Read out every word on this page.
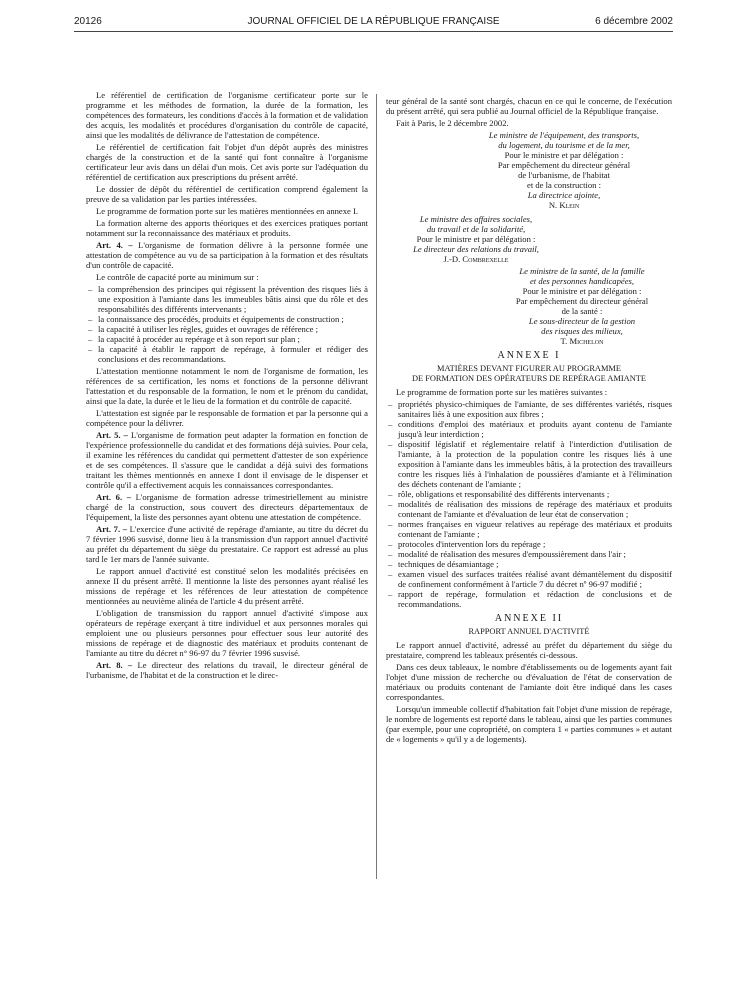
20126	JOURNAL OFFICIEL DE LA RÉPUBLIQUE FRANÇAISE	6 décembre 2002

Le référentiel de certification de l'organisme certificateur porte sur le programme et les méthodes de formation, la durée de la formation, les compétences des formateurs, les conditions d'accès à la formation et de validation des acquis, les modalités et procédures d'organisation du contrôle de capacité, ainsi que les modalités de délivrance de l'attestation de compétence.

Le référentiel de certification fait l'objet d'un dépôt auprès des ministres chargés de la construction et de la santé qui font connaître à l'organisme certificateur leur avis dans un délai d'un mois. Cet avis porte sur l'adéquation du référentiel de certification aux prescriptions du présent arrêté.

Le dossier de dépôt du référentiel de certification comprend également la preuve de sa validation par les parties intéressées.

Le programme de formation porte sur les matières mentionnées en annexe I.

La formation alterne des apports théoriques et des exercices pratiques portant notamment sur la reconnaissance des matériaux et produits.

Art. 4. – L'organisme de formation délivre à la personne formée une attestation de compétence au vu de sa participation à la formation et des résultats d'un contrôle de capacité.

Le contrôle de capacité porte au minimum sur :

– la compréhension des principes qui régissent la prévention des risques liés à une exposition à l'amiante dans les immeubles bâtis ainsi que du rôle et des responsabilités des différents intervenants ;
– la connaissance des procédés, produits et équipements de construction ;
– la capacité à utiliser les règles, guides et ouvrages de référence ;
– la capacité à procéder au repérage et à son report sur plan ;
– la capacité à établir le rapport de repérage, à formuler et rédiger des conclusions et des recommandations.

L'attestation mentionne notamment le nom de l'organisme de formation, les références de sa certification, les noms et fonctions de la personne délivrant l'attestation et du responsable de la formation, le nom et le prénom du candidat, ainsi que la date, la durée et le lieu de la formation et du contrôle de capacité.

L'attestation est signée par le responsable de formation et par la personne qui a compétence pour la délivrer.

Art. 5. – L'organisme de formation peut adapter la formation en fonction de l'expérience professionnelle du candidat et des formations déjà suivies. Pour cela, il examine les références du candidat qui permettent d'attester de son expérience et de ses compétences. Il s'assure que le candidat a déjà suivi des formations traitant les thèmes mentionnés en annexe I dont il envisage de le dispenser et contrôle qu'il a effectivement acquis les connaissances correspondantes.

Art. 6. – L'organisme de formation adresse trimestriellement au ministre chargé de la construction, sous couvert des directeurs départementaux de l'équipement, la liste des personnes ayant obtenu une attestation de compétence.

Art. 7. – L'exercice d'une activité de repérage d'amiante, au titre du décret du 7 février 1996 susvisé, donne lieu à la transmission d'un rapport annuel d'activité au préfet du département du siège du prestataire. Ce rapport est adressé au plus tard le 1er mars de l'année suivante.

Le rapport annuel d'activité est constitué selon les modalités précisées en annexe II du présent arrêté. Il mentionne la liste des personnes ayant réalisé les missions de repérage et les références de leur attestation de compétence mentionnées au neuvième alinéa de l'article 4 du présent arrêté.

L'obligation de transmission du rapport annuel d'activité s'impose aux opérateurs de repérage exerçant à titre individuel et aux personnes morales qui emploient une ou plusieurs personnes pour effectuer sous leur autorité des missions de repérage et de diagnostic des matériaux et produits contenant de l'amiante au titre du décret n° 96-97 du 7 février 1996 susvisé.

Art. 8. – Le directeur des relations du travail, le directeur général de l'urbanisme, de l'habitat et de la construction et le direc-

teur général de la santé sont chargés, chacun en ce qui le concerne, de l'exécution du présent arrêté, qui sera publié au Journal officiel de la République française.

Fait à Paris, le 2 décembre 2002.

Le ministre de l'équipement, des transports,

du logement, du tourisme et de la mer,

Pour le ministre et par délégation :

Par empêchement du directeur général

de l'urbanisme, de l'habitat

et de la construction :

La directrice ajointe,

N. Klein

Le ministre des affaires sociales,

du travail et de la solidarité,

Pour le ministre et par délégation :

Le directeur des relations du travail,

J.-D. Combrexelle

Le ministre de la santé, de la famille

et des personnes handicapées,

Pour le ministre et par délégation :

Par empêchement du directeur général

de la santé :

Le sous-directeur de la gestion

des risques des milieux,

T. Michelon

ANNEXE I

MATIÈRES DEVANT FIGURER AU PROGRAMME

DE FORMATION DES OPÉRATEURS DE REPÉRAGE AMIANTE

Le programme de formation porte sur les matières suivantes :

– propriétés physico-chimiques de l'amiante, de ses différentes variétés, risques sanitaires liés à une exposition aux fibres ;
– conditions d'emploi des matériaux et produits ayant contenu de l'amiante jusqu'à leur interdiction ;
– dispositif législatif et réglementaire relatif à l'interdiction d'utilisation de l'amiante, à la protection de la population contre les risques liés à une exposition à l'amiante dans les immeubles bâtis, à la protection des travailleurs contre les risques liés à l'inhalation de poussières d'amiante et à l'élimination des déchets contenant de l'amiante ;
– rôle, obligations et responsabilité des différents intervenants ;
– modalités de réalisation des missions de repérage des matériaux et produits contenant de l'amiante et d'évaluation de leur état de conservation ;
– normes françaises en vigueur relatives au repérage des matériaux et produits contenant de l'amiante ;
– protocoles d'intervention lors du repérage ;
– modalité de réalisation des mesures d'empoussièrement dans l'air ;
– techniques de désamiantage ;
– examen visuel des surfaces traitées réalisé avant démantèlement du dispositif de confinement conformément à l'article 7 du décret nº 96-97 modifié ;
– rapport de repérage, formulation et rédaction de conclusions et de recommandations.

ANNEXE II

RAPPORT ANNUEL D'ACTIVITÉ

Le rapport annuel d'activité, adressé au préfet du département du siège du prestataire, comprend les tableaux présentés ci-dessous.

Dans ces deux tableaux, le nombre d'établissements ou de logements ayant fait l'objet d'une mission de recherche ou d'évaluation de l'état de conservation de matériaux ou produits contenant de l'amiante doit être indiqué dans les cases correspondantes.

Lorsqu'un immeuble collectif d'habitation fait l'objet d'une mission de repérage, le nombre de logements est reporté dans le tableau, ainsi que les parties communes (par exemple, pour une copropriété, on comptera 1 « parties communes » et autant de « logements » qu'il y a de logements).
